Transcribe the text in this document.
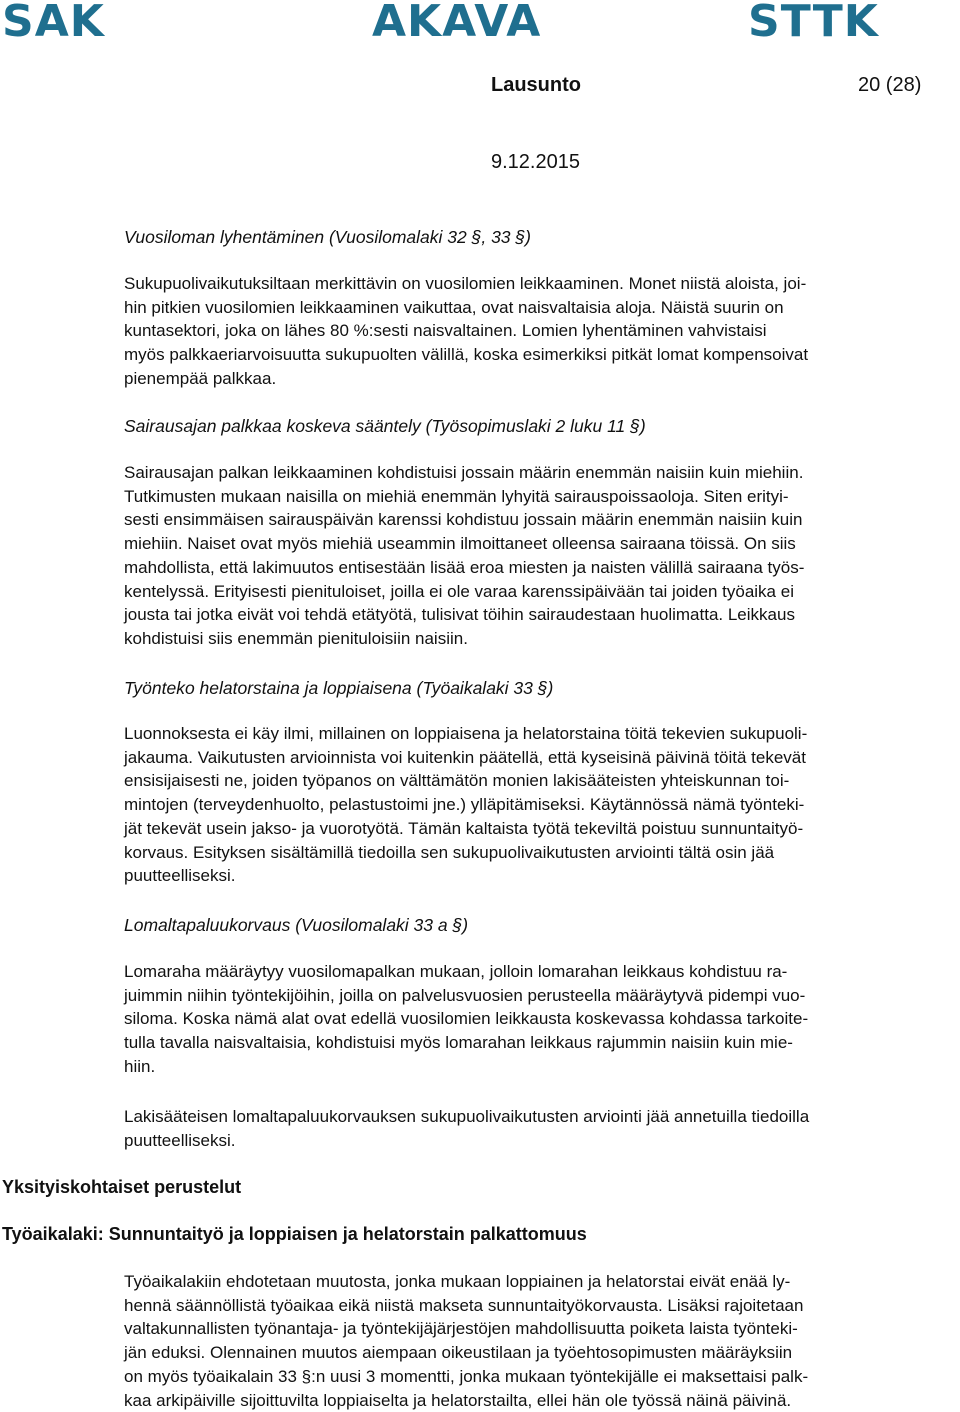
SAK	AKAVA	STTK
Lausunto	20 (28)
9.12.2015
Vuosiloman lyhentäminen (Vuosilomalaki 32 §, 33 §)
Sukupuolivaikutuksiltaan merkittävin on vuosilomien leikkaaminen. Monet niistä aloista, joi-
hin pitkien vuosilomien leikkaaminen vaikuttaa, ovat naisvaltaisia aloja. Näistä suurin on
kuntasektori, joka on lähes 80 %:sesti naisvaltainen. Lomien lyhentäminen vahvistaisi
myös palkkaeriarvoisuutta sukupuolten välillä, koska esimerkiksi pitkät lomat kompensoivat
pienempää palkkaa.
Sairausajan palkkaa koskeva sääntely (Työsopimuslaki 2 luku 11 §)
Sairausajan palkan leikkaaminen kohdistuisi jossain määrin enemmän naisiin kuin miehiin.
Tutkimusten mukaan naisilla on miehiä enemmän lyhyitä sairauspoissaoloja. Siten erityi-
sesti ensimmäisen sairauspäivän karenssi kohdistuu jossain määrin enemmän naisiin kuin
miehiin. Naiset ovat myös miehiä useammin ilmoittaneet olleensa sairaana töissä. On siis
mahdollista, että lakimuutos entisestään lisää eroa miesten ja naisten välillä sairaana työs-
kentelyssä. Erityisesti pienituloiset, joilla ei ole varaa karenssipäivään tai joiden työaika ei
jousta tai jotka eivät voi tehdä etätyötä, tulisivat töihin sairaudestaan huolimatta. Leikkaus
kohdistuisi siis enemmän pienituloisiin naisiin.
Työnteko helatorstaina ja loppiaisena (Työaikalaki 33 §)
Luonnoksesta ei käy ilmi, millainen on loppiaisena ja helatorstaina töitä tekevien sukupuoli-
jakauma. Vaikutusten arvioinnista voi kuitenkin päätellä, että kyseisinä päivinä töitä tekevät
ensisijaisesti ne, joiden työpanos on välttämätön monien lakisääteisten yhteiskunnan toi-
mintojen (terveydenhuolto, pelastustoimi jne.) ylläpitämiseksi. Käytännössä nämä työnteki-
jät tekevät usein jakso- ja vuorotyötä. Tämän kaltaista työtä tekeviltä poistuu sunnuntaityö-
korvaus. Esityksen sisältämillä tiedoilla sen sukupuolivaikutusten arviointi tältä osin jää
puutteelliseksi.
Lomaltapaluukorvaus (Vuosilomalaki 33 a §)
Lomaraha määräytyy vuosilomapalkan mukaan, jolloin lomarahan leikkaus kohdistuu ra-
juimmin niihin työntekijöihin, joilla on palvelusvuosien perusteella määräytyvä pidempi vuo-
siloma. Koska nämä alat ovat edellä vuosilomien leikkausta koskevassa kohdassa tarkoite-
tulla tavalla naisvaltaisia, kohdistuisi myös lomarahan leikkaus rajummin naisiin kuin mie-
hiin.
Lakisääteisen lomaltapaluukorvauksen sukupuolivaikutusten arviointi jää annetuilla tiedoilla
puutteelliseksi.
Yksityiskohtaiset perustelut
Työaikalaki: Sunnuntaityö ja loppiaisen ja helatorstain palkattomuus
Työaikalakiin ehdotetaan muutosta, jonka mukaan loppiainen ja helatorstai eivät enää ly-
hennä säännöllistä työaikaa eikä niistä makseta sunnuntaityökorvausta. Lisäksi rajoitetaan
valtakunnallisten työnantaja- ja työntekijäjärjestöjen mahdollisuutta poiketa laista työnteki-
jän eduksi. Olennainen muutos aiempaan oikeustilaan ja työehtosopimusten määräyksiin
on myös työaikalain 33 §:n uusi 3 momentti, jonka mukaan työntekijälle ei maksettaisi palk-
kaa arkipäiville sijoittuvilta loppiaiselta ja helatorstailta, ellei hän ole työssä näinä päivinä.
